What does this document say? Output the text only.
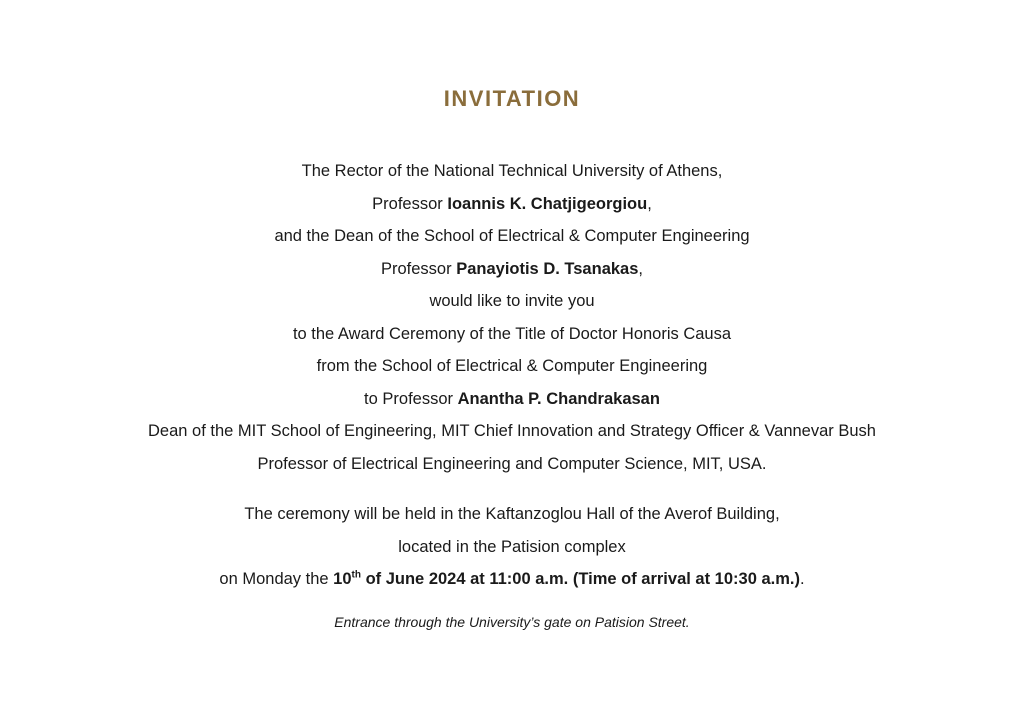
INVITATION
The Rector of the National Technical University of Athens,
Professor Ioannis K. Chatjigeorgiou,
and the Dean of the School of Electrical & Computer Engineering
Professor Panayiotis D. Tsanakas,
would like to invite you
to the Award Ceremony of the Title of Doctor Honoris Causa
from the School of Electrical & Computer Engineering
to Professor Anantha P. Chandrakasan
Dean of the MIT School of Engineering, MIT Chief Innovation and Strategy Officer & Vannevar Bush
Professor of Electrical Engineering and Computer Science, MIT, USA.
The ceremony will be held in the Kaftanzoglou Hall of the Averof Building,
located in the Patision complex
on Monday the 10th of June 2024 at 11:00 a.m. (Time of arrival at 10:30 a.m.).
Entrance through the University’s gate on Patision Street.
